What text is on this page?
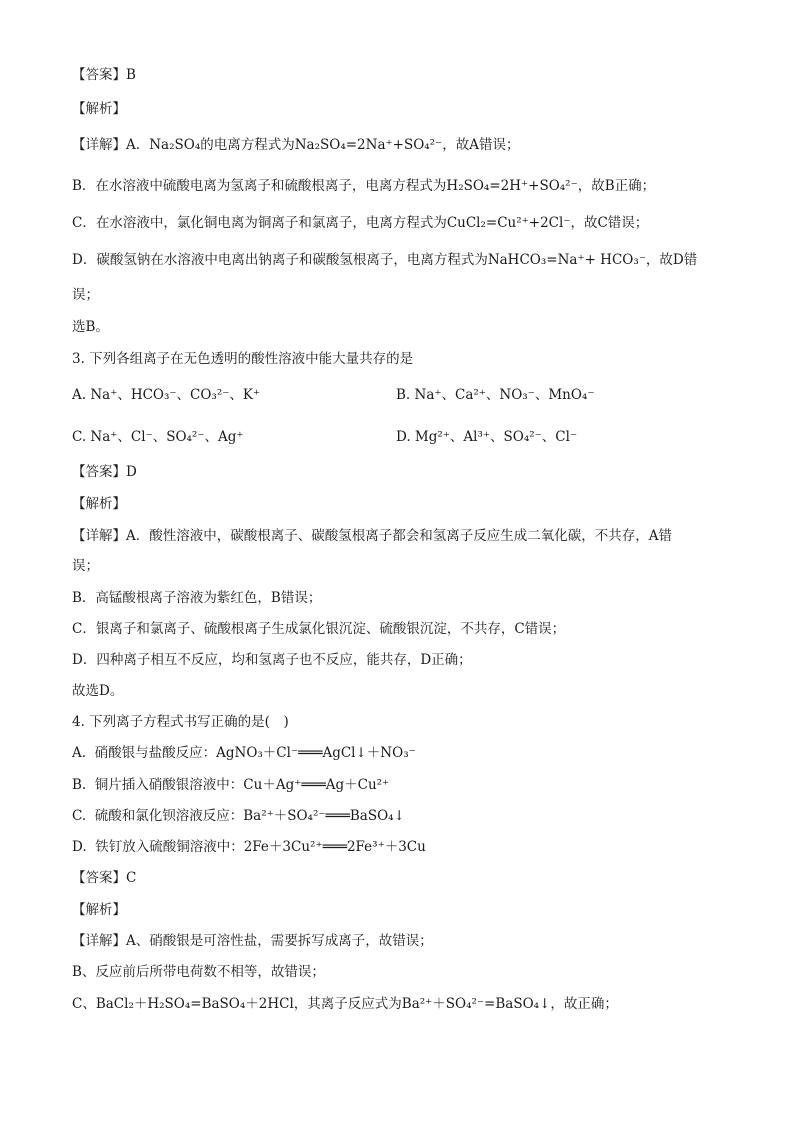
【答案】B
【解析】
【详解】A．Na₂SO₄的电离方程式为Na₂SO₄=2Na⁺+SO₄²⁻，故A错误；
B．在水溶液中硫酸电离为氢离子和硫酸根离子，电离方程式为H₂SO₄=2H⁺+SO₄²⁻，故B正确；
C．在水溶液中，氯化铜电离为铜离子和氯离子，电离方程式为CuCl₂=Cu²⁺+2Cl⁻，故C错误；
D．碳酸氢钠在水溶液中电离出钠离子和碳酸氢根离子，电离方程式为NaHCO₃=Na⁺+ HCO₃⁻，故D错
误；
选B。
3. 下列各组离子在无色透明的酸性溶液中能大量共存的是
A. Na⁺、HCO₃⁻、CO₃²⁻、K⁺	B. Na⁺、Ca²⁺、NO₃⁻、MnO₄⁻
C. Na⁺、Cl⁻、SO₄²⁻、Ag⁺	D. Mg²⁺、Al³⁺、SO₄²⁻、Cl⁻
【答案】D
【解析】
【详解】A．酸性溶液中，碳酸根离子、碳酸氢根离子都会和氢离子反应生成二氧化碳，不共存，A错
误；
B．高锰酸根离子溶液为紫红色，B错误；
C．银离子和氯离子、硫酸根离子生成氯化银沉淀、硫酸银沉淀，不共存，C错误；
D．四种离子相互不反应，均和氢离子也不反应，能共存，D正确；
故选D。
4. 下列离子方程式书写正确的是(　)
A.  硝酸银与盐酸反应：AgNO₃＋Cl⁻═══AgCl↓＋NO₃⁻
B.  铜片插入硝酸银溶液中：Cu＋Ag⁺═══Ag＋Cu²⁺
C.  硫酸和氯化钡溶液反应：Ba²⁺＋SO₄²⁻═══BaSO₄↓
D.  铁钉放入硫酸铜溶液中：2Fe＋3Cu²⁺═══2Fe³⁺＋3Cu
【答案】C
【解析】
【详解】A、硝酸银是可溶性盐，需要拆写成离子，故错误；
B、反应前后所带电荷数不相等，故错误；
C、BaCl₂＋H₂SO₄=BaSO₄＋2HCl，其离子反应式为Ba²⁺＋SO₄²⁻=BaSO₄↓，故正确；
